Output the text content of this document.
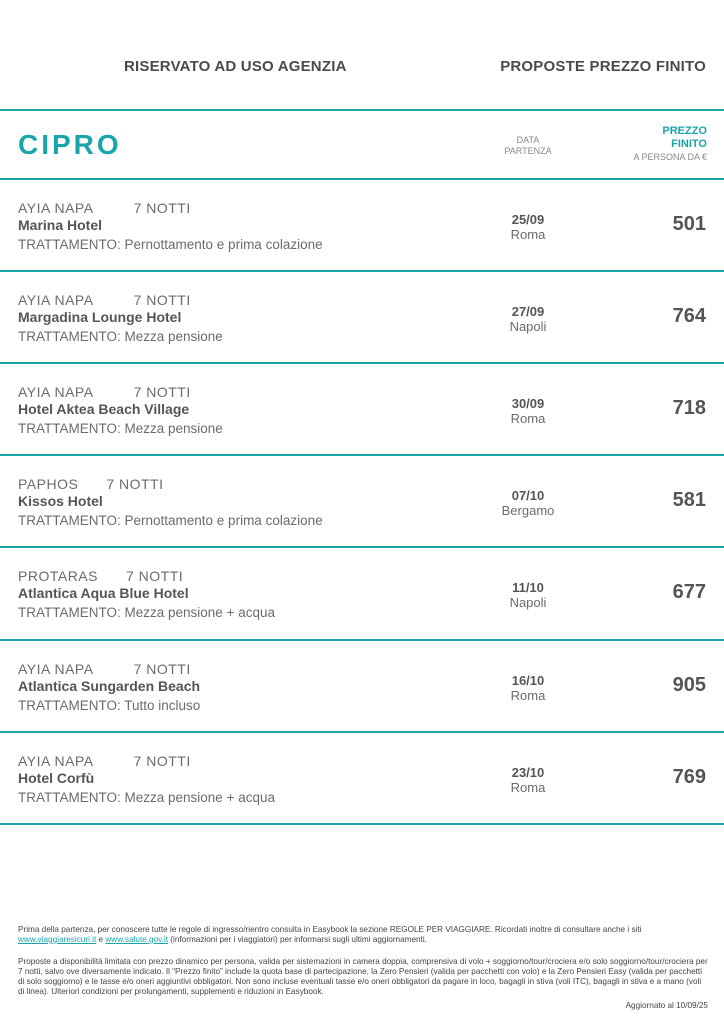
RISERVATO AD USO AGENZIA	PROPOSTE PREZZO FINITO
CIPRO	DATA
PARTENZA
PREZZO
FINITO
A PERSONA DA €
AYIA NAPA	7 NOTTI
Marina Hotel
TRATTAMENTO: Pernottamento e prima colazione
25/09
Roma	501
AYIA NAPA	7 NOTTI
Margadina Lounge Hotel
TRATTAMENTO: Mezza pensione
27/09
Napoli	764
AYIA NAPA	7 NOTTI
Hotel Aktea Beach Village
TRATTAMENTO: Mezza pensione
30/09
Roma	718
PAPHOS 7 NOTTI
Kissos Hotel
TRATTAMENTO: Pernottamento e prima colazione
07/10
Bergamo	581
PROTARAS 7 NOTTI
Atlantica Aqua Blue Hotel
TRATTAMENTO: Mezza pensione + acqua
11/10
Napoli	677
AYIA NAPA	7 NOTTI
Atlantica Sungarden Beach
TRATTAMENTO: Tutto incluso
16/10
Roma	905
AYIA NAPA	7 NOTTI
Hotel Corfù
TRATTAMENTO: Mezza pensione + acqua
23/10
Roma	769
Prima della partenza, per conoscere tutte le regole di ingresso/rientro consulta in Easybook la sezione REGOLE PER VIAGGIARE. Ricordati inoltre di consultare anche i siti www.viaggiaresicuri.it e www.salute.gov.it (informazioni per i viaggiatori) per informarsi sugli ultimi aggiornamenti.
Proposte a disponibilità limitata con prezzo dinamico per persona, valida per sistemazioni in camera doppia, comprensiva di volo + soggiorno/tour/crociera e/o solo soggiorno/tour/crociera per 7 notti, salvo ove diversamente indicato. Il “Prezzo finito” include la quota base di partecipazione, la Zero Pensieri (valida per pacchetti con volo) e la Zero Pensieri Easy (valida per pacchetti di solo soggiorno) e le tasse e/o oneri aggiuntivi obbligatori. Non sono incluse eventuali tasse e/o oneri obbligatori da pagare in loco, bagagli in stiva (voli ITC), bagagli in stiva e a mano (voli di linea). Ulteriori condizioni per prolungamenti, supplementi e riduzioni in Easybook.
Aggiornato al 10/09/25
